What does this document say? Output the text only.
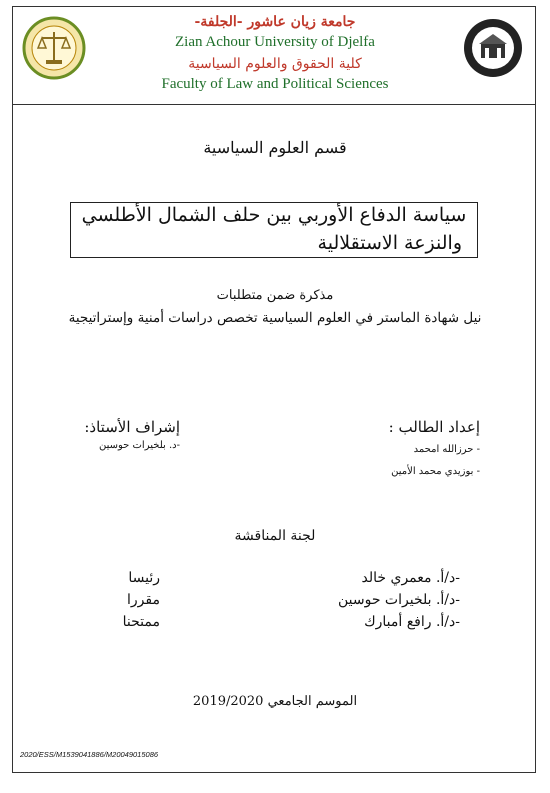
جامعة زيان عاشور -الجلفة-
Zian Achour University of Djelfa
كلية الحقوق والعلوم السياسية
Faculty of Law and Political Sciences
قسم العلوم السياسية
سياسة الدفاع الأوربي بين حلف الشمال الأطلسي
والنزعة الاستقلالية
مذكرة ضمن متطلبات
نيل شهادة الماستر في العلوم السياسية تخصص دراسات أمنية وإستراتيجية
إعداد الطالب :
- حرزالله امحمد
- بوزيدي محمد الأمين
إشراف الأستاذ:
-د. بلخيرات حوسين
لجنة المناقشة
-د/أ. معمري خالد
رئيسا
-د/أ. بلخيرات حوسين
مقررا
-د/أ. رافع أمبارك
ممتحنا
الموسم الجامعي 2019/2020
2020/ESS/M1539041886/M20049015086
